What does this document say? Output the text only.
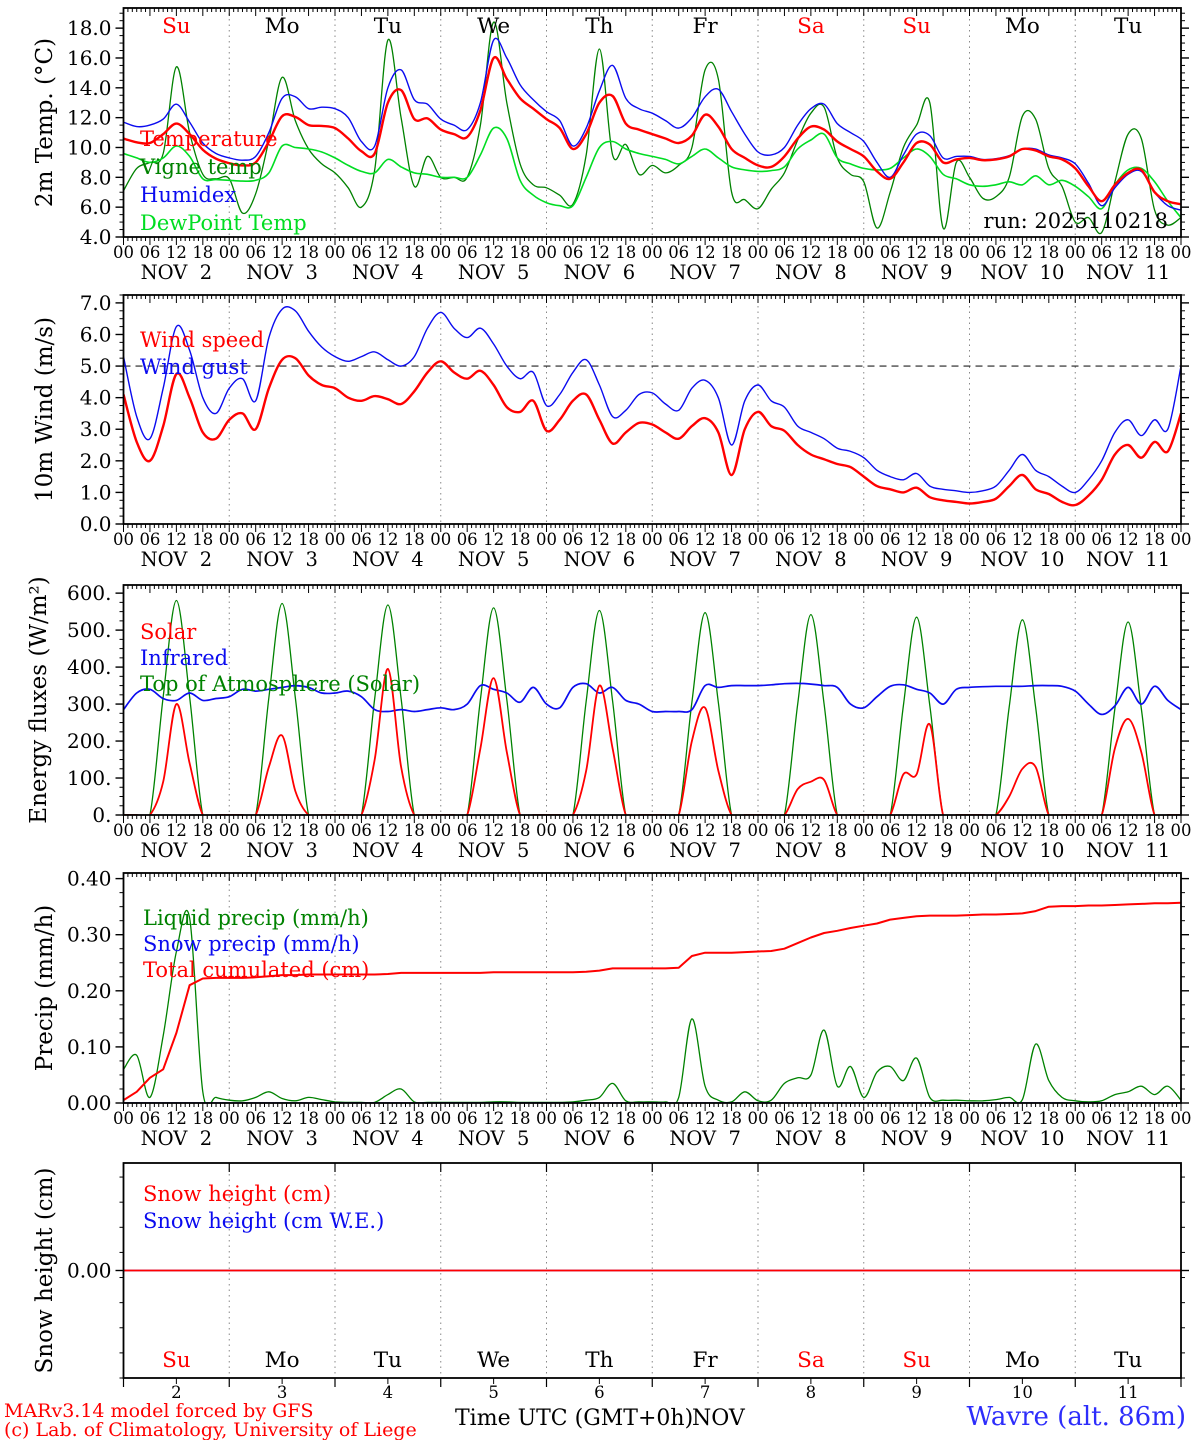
4.0
6.0
8.0
10.0
12.0
14.0
16.0
18.0
00 06 12 18 00 06 12 18 00 06 12 18 00 06 12 18 00 06 12 18 00 06 12 18 00 06 12 18 00 06 12 18 00 06 12 18 00 06 12 18 00
NOV  2 NOV  3 NOV  4 NOV  5 NOV  6 NOV  7 NOV  8 NOV  9 NOV  10 NOV  11
Su	Mo	Tu	We	Th	Fr	Sa	Su	Mo	Tu
Temperature
Vigne temp
Humidex
DewPoint Temp	run: 2025110218
2m Temp. (°C)
0.0
1.0
2.0
3.0
4.0
5.0
6.0
7.0
00 06 12 18 00 06 12 18 00 06 12 18 00 06 12 18 00 06 12 18 00 06 12 18 00 06 12 18 00 06 12 18 00 06 12 18 00 06 12 18 00
NOV  2 NOV  3 NOV  4 NOV  5 NOV  6 NOV  7 NOV  8 NOV  9 NOV  10 NOV  11
Wind speed
Wind gust
10m Wind (m/s)
0.
100.
200.
300.
400.
500.
600.
00 06 12 18 00 06 12 18 00 06 12 18 00 06 12 18 00 06 12 18 00 06 12 18 00 06 12 18 00 06 12 18 00 06 12 18 00 06 12 18 00
NOV  2 NOV  3 NOV  4 NOV  5 NOV  6 NOV  7 NOV  8 NOV  9 NOV  10 NOV  11
Solar
Infrared
Top of Atmosphere (Solar)
Energy fluxes (W/m²)
0.00
0.10
0.20
0.30
0.40
00 06 12 18 00 06 12 18 00 06 12 18 00 06 12 18 00 06 12 18 00 06 12 18 00 06 12 18 00 06 12 18 00 06 12 18 00 06 12 18 00
NOV  2 NOV  3 NOV  4 NOV  5 NOV  6 NOV  7 NOV  8 NOV  9 NOV  10 NOV  11
Liquid precip (mm/h)
Snow precip (mm/h)
Total cumulated (cm)
Precip (mm/h)
0.00
Su	Mo	Tu	We	Th	Fr	Sa	Su	Mo	Tu
2	3	4	5	6	7	8	9	10	11
Snow height (cm)
Snow height (cm W.E.)
Snow height (cm)
MARv3.14 model forced by GFS
(c) Lab. of Climatology, University of Liege Time UTC (GMT+0h)
NOV	Wavre (alt. 86m)
